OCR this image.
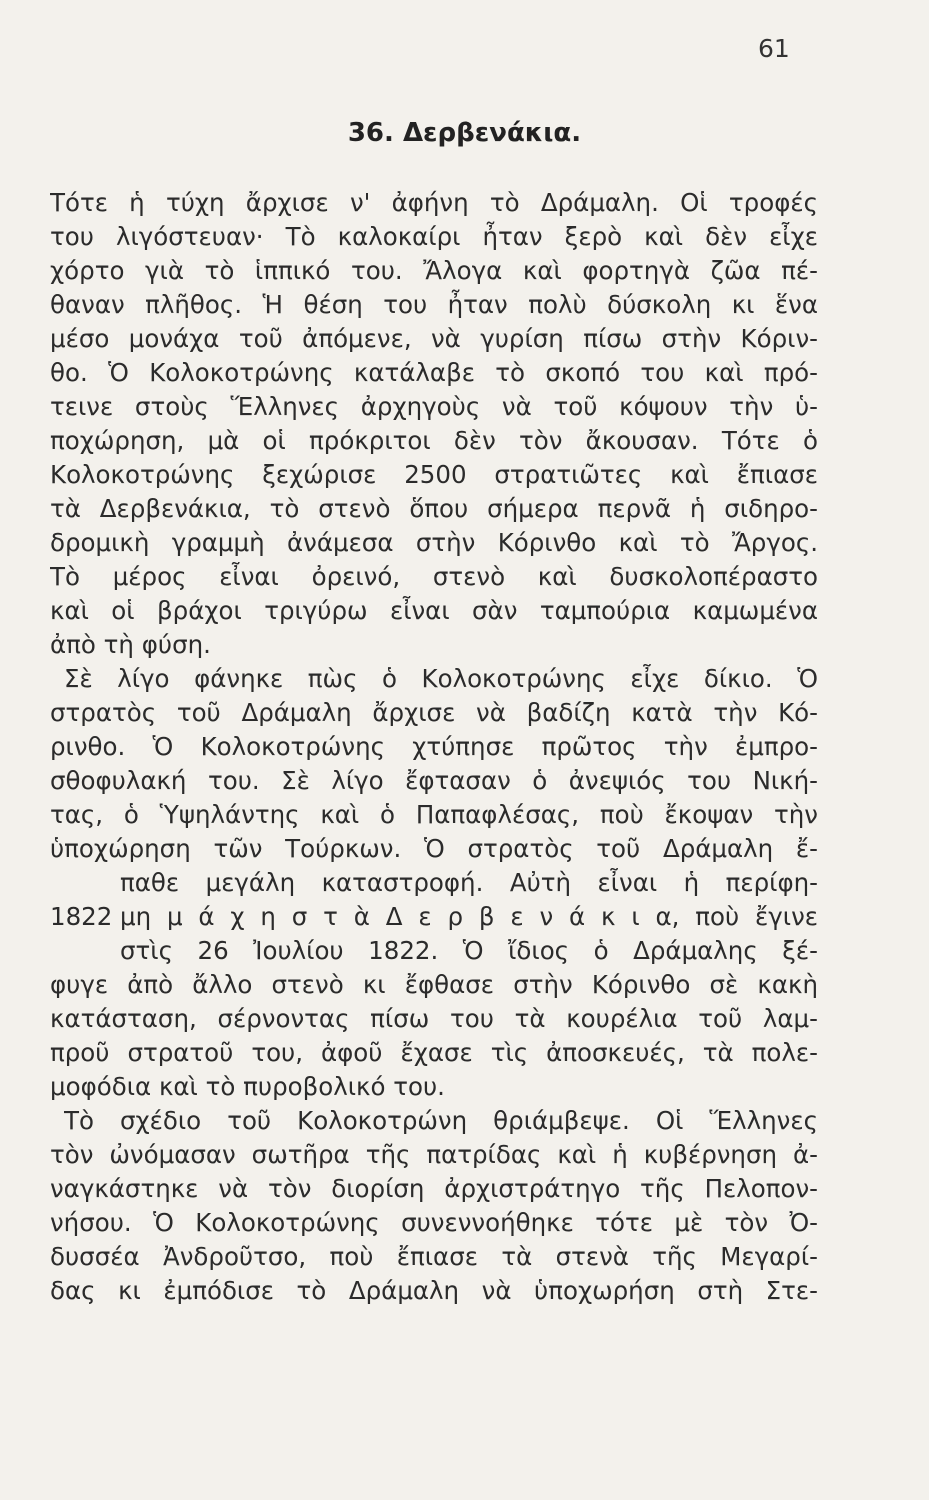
61
36. Δερβενάκια.
Τότε ἡ τύχη ἄρχισε ν' ἀφήνη τὸ Δράμαλη. Οἱ τροφές
του λιγόστευαν· Τὸ καλοκαίρι ἦταν ξερὸ καὶ δὲν εἶχε
χόρτο γιὰ τὸ ἱππικό του. Ἄλογα καὶ φορτηγὰ ζῶα πέ-
θαναν πλῆθος. Ἡ θέση του ἦταν πολὺ δύσκολη κι ἕνα
μέσο μονάχα τοῦ ἀπόμενε, νὰ γυρίση πίσω στὴν Κόριν-
θο. Ὁ Κολοκοτρώνης κατάλαβε τὸ σκοπό του καὶ πρό-
τεινε στοὺς Ἕλληνες ἀρχηγοὺς νὰ τοῦ κόψουν τὴν ὑ-
ποχώρηση, μὰ οἱ πρόκριτοι δὲν τὸν ἄκουσαν. Τότε ὁ
Κολοκοτρώνης ξεχώρισε 2500 στρατιῶτες καὶ ἔπιασε
τὰ Δερβενάκια, τὸ στενὸ ὅπου σήμερα περνᾶ ἡ σιδηρο-
δρομικὴ γραμμὴ ἀνάμεσα στὴν Κόρινθο καὶ τὸ Ἄργος.
Τὸ μέρος εἶναι ὀρεινό, στενὸ καὶ δυσκολοπέραστο
καὶ οἱ βράχοι τριγύρω εἶναι σὰν ταμπούρια καμωμένα
ἀπὸ τὴ φύση.
Σὲ λίγο φάνηκε πὼς ὁ Κολοκοτρώνης εἶχε δίκιο. Ὁ
στρατὸς τοῦ Δράμαλη ἄρχισε νὰ βαδίζη κατὰ τὴν Κό-
ρινθο. Ὁ Κολοκοτρώνης χτύπησε πρῶτος τὴν ἐμπρο-
σθοφυλακή του. Σὲ λίγο ἔφτασαν ὁ ἀνεψιός του Νική-
τας, ὁ Ὑψηλάντης καὶ ὁ Παπαφλέσας, ποὺ ἔκοψαν τὴν
ὑποχώρηση τῶν Τούρκων. Ὁ στρατὸς τοῦ Δράμαλη ἔ-
παθε μεγάλη καταστροφή. Αὐτὴ εἶναι ἡ περίφη-
1822 μη μ ά χ η σ τ ὰ Δ ε ρ β ε ν ά κ ι α, ποὺ ἔγινε
στὶς 26 Ἰουλίου 1822. Ὁ ἴδιος ὁ Δράμαλης ξέ-
φυγε ἀπὸ ἄλλο στενὸ κι ἔφθασε στὴν Κόρινθο σὲ κακὴ
κατάσταση, σέρνοντας πίσω του τὰ κουρέλια τοῦ λαμ-
προῦ στρατοῦ του, ἀφοῦ ἔχασε τὶς ἀποσκευές, τὰ πολε-
μοφόδια καὶ τὸ πυροβολικό του.
Τὸ σχέδιο τοῦ Κολοκοτρώνη θριάμβεψε. Οἱ Ἕλληνες
τὸν ὠνόμασαν σωτῆρα τῆς πατρίδας καὶ ἡ κυβέρνηση ἀ-
ναγκάστηκε νὰ τὸν διορίση ἀρχιστράτηγο τῆς Πελοπον-
νήσου. Ὁ Κολοκοτρώνης συνεννοήθηκε τότε μὲ τὸν Ὀ-
δυσσέα Ἀνδροῦτσο, ποὺ ἔπιασε τὰ στενὰ τῆς Μεγαρί-
δας κι ἐμπόδισε τὸ Δράμαλη νὰ ὑποχωρήση στὴ Στε-
